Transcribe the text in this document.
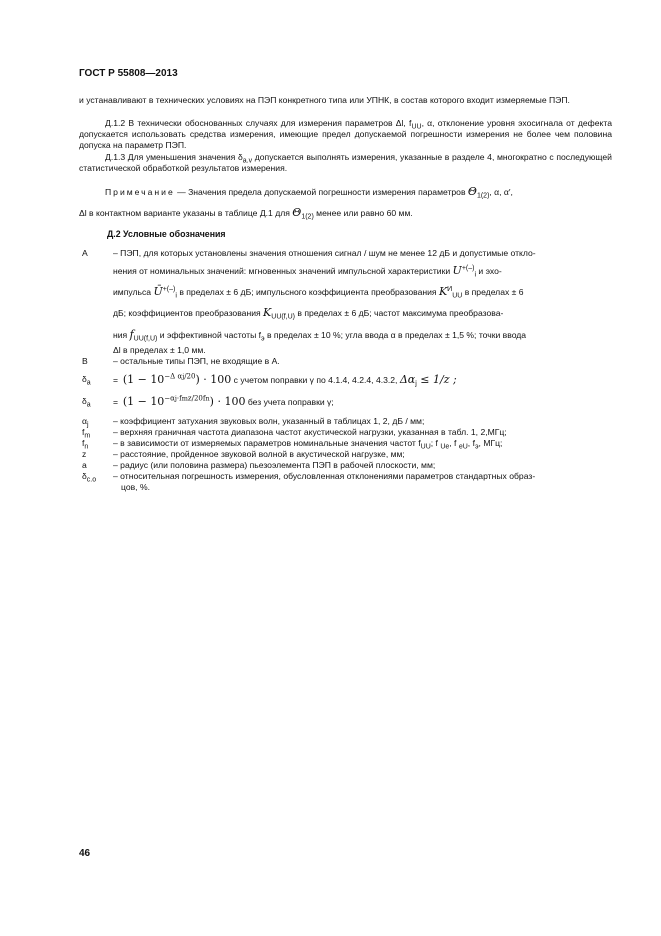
ГОСТ Р 55808—2013
и устанавливают в технических условиях на ПЭП конкретного типа или УПНК, в состав которого входит измеряемые ПЭП.
Д.1.2 В технически обоснованных случаях для измерения параметров Δl, $f_{UU}$, α, отклонение уровня эхосигнала от дефекта допускается использовать средства измерения, имеющие предел допускаемой погрешности измерения не более чем половина допуска на параметр ПЭП.
Д.1.3 Для уменьшения значения $\delta_{a.v}$ допускается выполнять измерения, указанные в разделе 4, многократно с последующей статистической обработкой результатов измерения.
Примечание — Значения предела допускаемой погрешности измерения параметров $\Theta_{1(2)}$, α, α′,
Δl в контактном варианте указаны в таблице Д.1 для $\Theta_{1(2)}$ менее или равно 60 мм.
Д.2 Условные обозначения
А	– ПЭП, для которых установлены значения отношения сигнал / шум не менее 12 дБ и допустимые откло-
нения от номинальных значений: мгновенных значений импульсной характеристики $U^{+(-)}_i$ и эхо-
импульса $Ū^{+(-)}_i$ в пределах ± 6 дБ; импульсного коэффициента преобразования $K^И_{UU}$ в пределах ± 6
дБ; коэффициентов преобразования $K_{UU(f,U)}$ в пределах ± 6 дБ; частот максимума преобразова-
ния $f_{UU(f,U)}$ и эффективной частоты $f_э$ в пределах ± 10 %; угла ввода α в пределах ± 1,5 %; точки ввода
Δl в пределах ± 1,0 мм.
В	– остальные типы ПЭП, не входящие в А.
$\delta_а$	= $(1 - 10^{-\Delta \alpha j/20}) \cdot 100$ с учетом поправки γ по 4.1.4, 4.2.4, 4.3.2, $\Delta\alpha_j \le 1/z$ ;
$\delta_а$	= $(1 - 10^{-\alpha j\cdot fmz/20fn}) \cdot 100$ без учета поправки γ;
$\alpha_j$	– коэффициент затухания звуковых волн, указанный в таблицах 1, 2, дБ / мм;
$f_m$	– верхняя граничная частота диапазона частот акустической нагрузки, указанная в табл. 1, 2,МГц;
$f_n$	– в зависимости от измеряемых параметров номинальные значения частот $f_{UU}$; f $_{Ue}$, f $_{eU}$, $f_э$, МГц;
z	– расстояние, пройденное звуковой волной в акустической нагрузке, мм;
а	– радиус (или половина размера) пьезоэлемента ПЭП в рабочей плоскости, мм;
$\delta_{с.о}$ – относительная погрешность измерения, обусловленная отклонениями параметров стандартных образ-
цов, %.
46
